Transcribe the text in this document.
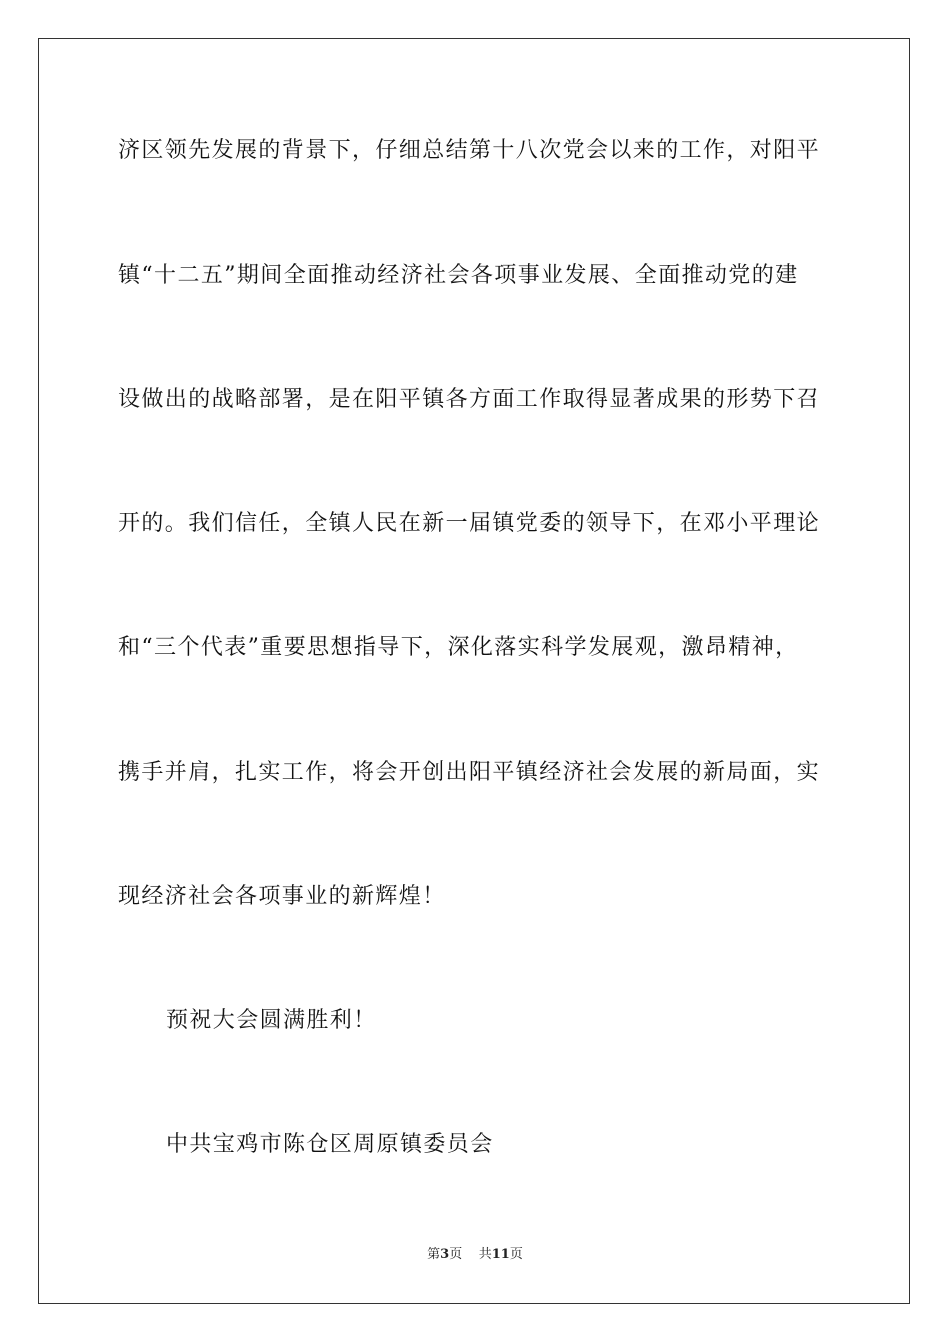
济区领先发展的背景下，仔细总结第十八次党会以来的工作，对阳平
镇“十二五”期间全面推动经济社会各项事业发展、全面推动党的建
设做出的战略部署，是在阳平镇各方面工作取得显著成果的形势下召
开的。我们信任，全镇人民在新一届镇党委的领导下，在邓小平理论
和“三个代表”重要思想指导下，深化落实科学发展观，激昂精神，
携手并肩，扎实工作，将会开创出阳平镇经济社会发展的新局面，实
现经济社会各项事业的新辉煌！
预祝大会圆满胜利！
中共宝鸡市陈仓区周原镇委员会
第3页 共11页
